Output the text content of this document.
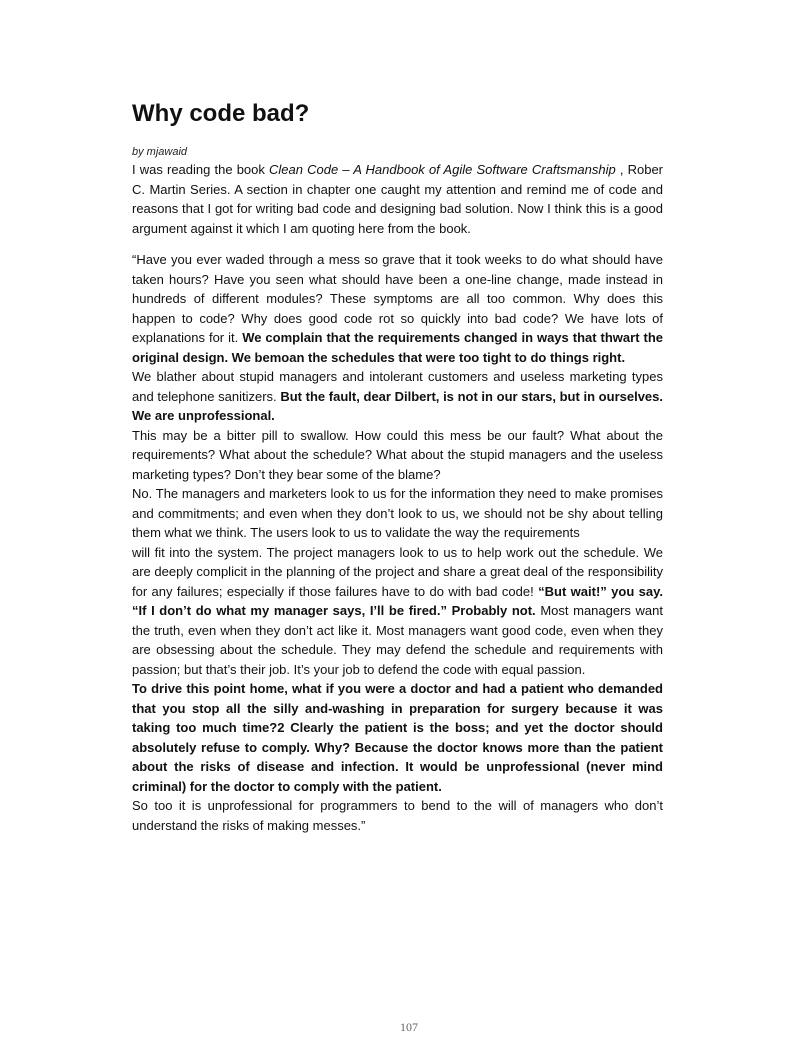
Why code bad?
by mjawaid

I was reading the book Clean Code – A Handbook of Agile Software Craftsmanship , Rober C. Martin Series. A section in chapter one caught my attention and remind me of code and reasons that I got for writing bad code and designing bad solution. Now I think this is a good argument against it which I am quoting here from the book.

“Have you ever waded through a mess so grave that it took weeks to do what should have taken hours? Have you seen what should have been a one-line change, made instead in hundreds of different modules? These symptoms are all too common. Why does this happen to code? Why does good code rot so quickly into bad code? We have lots of explanations for it. We complain that the requirements changed in ways that thwart the original design. We bemoan the schedules that were too tight to do things right.

We blather about stupid managers and intolerant customers and useless marketing types and telephone sanitizers. But the fault, dear Dilbert, is not in our stars, but in ourselves. We are unprofessional.

This may be a bitter pill to swallow. How could this mess be our fault? What about the requirements? What about the schedule? What about the stupid managers and the useless marketing types? Don’t they bear some of the blame?

No. The managers and marketers look to us for the information they need to make promises and commitments; and even when they don’t look to us, we should not be shy about telling them what we think. The users look to us to validate the way the requirements

will fit into the system. The project managers look to us to help work out the schedule. We are deeply complicit in the planning of the project and share a great deal of the responsibility for any failures; especially if those failures have to do with bad code! “But wait!” you say. “If I don’t do what my manager says, I’ll be fired.” Probably not. Most managers want the truth, even when they don’t act like it. Most managers want good code, even when they are obsessing about the schedule. They may defend the schedule and requirements with passion; but that’s their job. It’s your job to defend the code with equal passion.

To drive this point home, what if you were a doctor and had a patient who demanded that you stop all the silly and-washing in preparation for surgery because it was taking too much time?2 Clearly the patient is the boss; and yet the doctor should absolutely refuse to comply. Why? Because the doctor knows more than the patient about the risks of disease and infection. It would be unprofessional (never mind criminal) for the doctor to comply with the patient.

So too it is unprofessional for programmers to bend to the will of managers who don’t understand the risks of making messes.”

107
